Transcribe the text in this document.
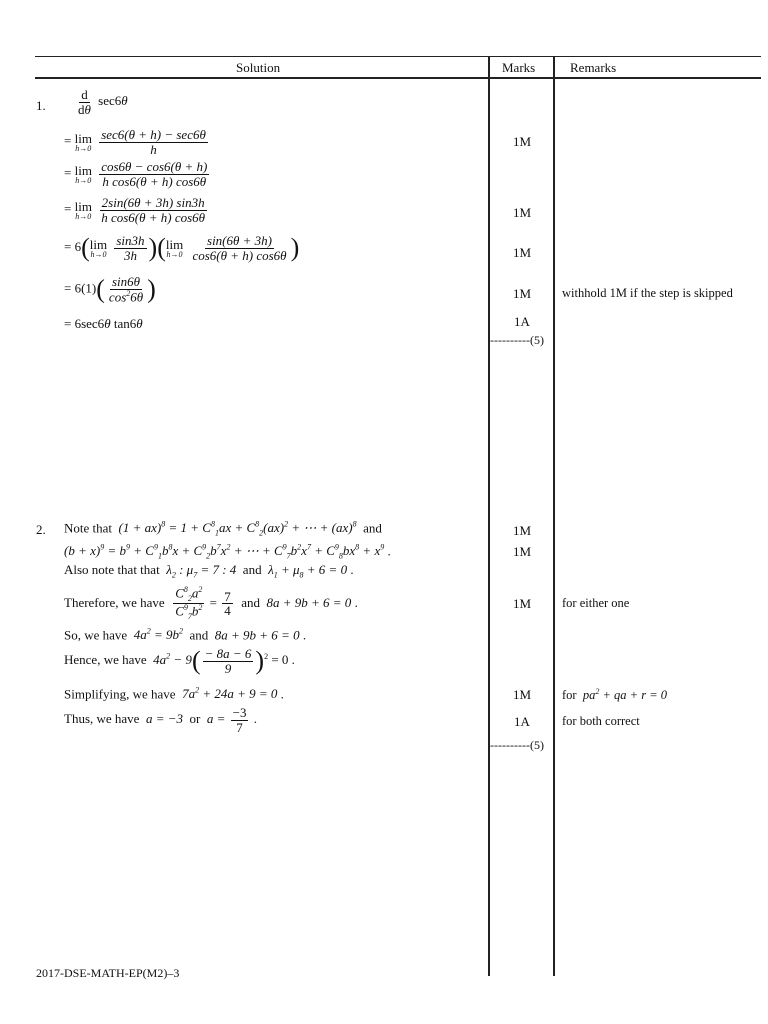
Solution	Marks	Remarks
1. $\frac{d}{d\theta} \sec 6\theta$
= lim
h→0
$\frac{\sec 6(\theta + h) - \sec 6\theta}{h}$
= lim
h→0
$\frac{\cos 6\theta - \cos 6(\theta + h)}{\text{h cos6(θ + h) cos6θ}}$
= lim
h→0
$\frac{2\sin(6\theta + 3h) \sin 3h}{\text{h cos6(θ + h) cos6θ}}$
= 6(lim
h→0
$\frac{\sin 3h}{3h} )(\lim$
h→0
$\frac{\sin(6\theta + 3h)}{\cos 6(\theta + h) \cos 6\theta}$ )
= $6(1)( \frac{\sin 6\theta}{\cos^26\theta}$ )
= 6sec6θ tan6θ
1M
1M
1M
1M
1A
----------(5)
withhold 1M if the step is skipped
2. Note that $(1 + ax)^8 = 1 + C^8_1ax + C^8_2(ax)^2$ + ⋯ + (ax)$^8$ and
$(b + x)^9 = b^9 + C^9_1b^8x + C^9_2b^7x^2$ + ⋯ + $C^9_7b^2x^7 + C^9_8bx^8 + x^9$ .
Also note that that $\lambda_2$ : $\mu_7 = 7$ : 4 and $\lambda_1 + \mu_8 + 6 = 0$ .
Therefore, we have $\frac{C^8_2a^2}{C^9_7b^2} = \frac{7}{4}$ and 8a + 9b + 6 = 0 .
So, we have $4a^2 = 9b^2$ and 8a + 9b + 6 = 0 .
Hence, we have $4a^2 - 9( \frac{- 8a - 6}{9} )^2 = 0$ .
Simplifying, we have $7a^2 + 24a + 9 = 0$ .
Thus, we have a = −3 or $a = \frac{-3}{7}$ .
1M
1M
1M
1M
1A
----------(5)
for either one
for $pa^2$ + qa + r = 0
for both correct
2017-DSE-MATH-EP(M2)–3
